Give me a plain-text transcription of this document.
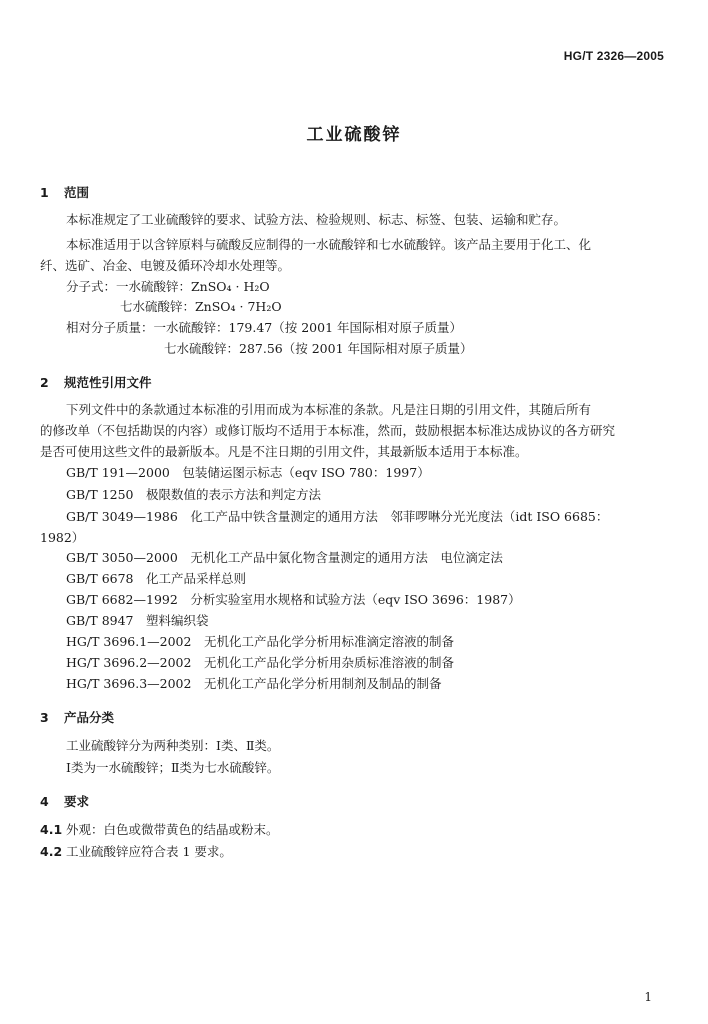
HG/T 2326—2005
工业硫酸锌
1 范围
本标准规定了工业硫酸锌的要求、试验方法、检验规则、标志、标签、包装、运输和贮存。
本标准适用于以含锌原料与硫酸反应制得的一水硫酸锌和七水硫酸锌。该产品主要用于化工、化
纤、选矿、冶金、电镀及循环冷却水处理等。
分子式：一水硫酸锌：ZnSO₄ · H₂O
七水硫酸锌：ZnSO₄ · 7H₂O
相对分子质量：一水硫酸锌：179.47（按 2001 年国际相对原子质量）
七水硫酸锌：287.56（按 2001 年国际相对原子质量）
2 规范性引用文件
下列文件中的条款通过本标准的引用而成为本标准的条款。凡是注日期的引用文件，其随后所有
的修改单（不包括勘误的内容）或修订版均不适用于本标准，然而，鼓励根据本标准达成协议的各方研究
是否可使用这些文件的最新版本。凡是不注日期的引用文件，其最新版本适用于本标准。
GB/T 191—2000　包装储运图示标志（eqv ISO 780：1997）
GB/T 1250　极限数值的表示方法和判定方法
GB/T 3049—1986　化工产品中铁含量测定的通用方法　邻菲啰啉分光光度法（idt ISO 6685：
1982）
GB/T 3050—2000　无机化工产品中氯化物含量测定的通用方法　电位滴定法
GB/T 6678　化工产品采样总则
GB/T 6682—1992　分析实验室用水规格和试验方法（eqv ISO 3696：1987）
GB/T 8947　塑料编织袋
HG/T 3696.1—2002　无机化工产品化学分析用标准滴定溶液的制备
HG/T 3696.2—2002　无机化工产品化学分析用杂质标准溶液的制备
HG/T 3696.3—2002　无机化工产品化学分析用制剂及制品的制备
3 产品分类
工业硫酸锌分为两种类别：Ⅰ类、Ⅱ类。
Ⅰ类为一水硫酸锌；Ⅱ类为七水硫酸锌。
4 要求
4.1 外观：白色或微带黄色的结晶或粉末。
4.2 工业硫酸锌应符合表 1 要求。
1
